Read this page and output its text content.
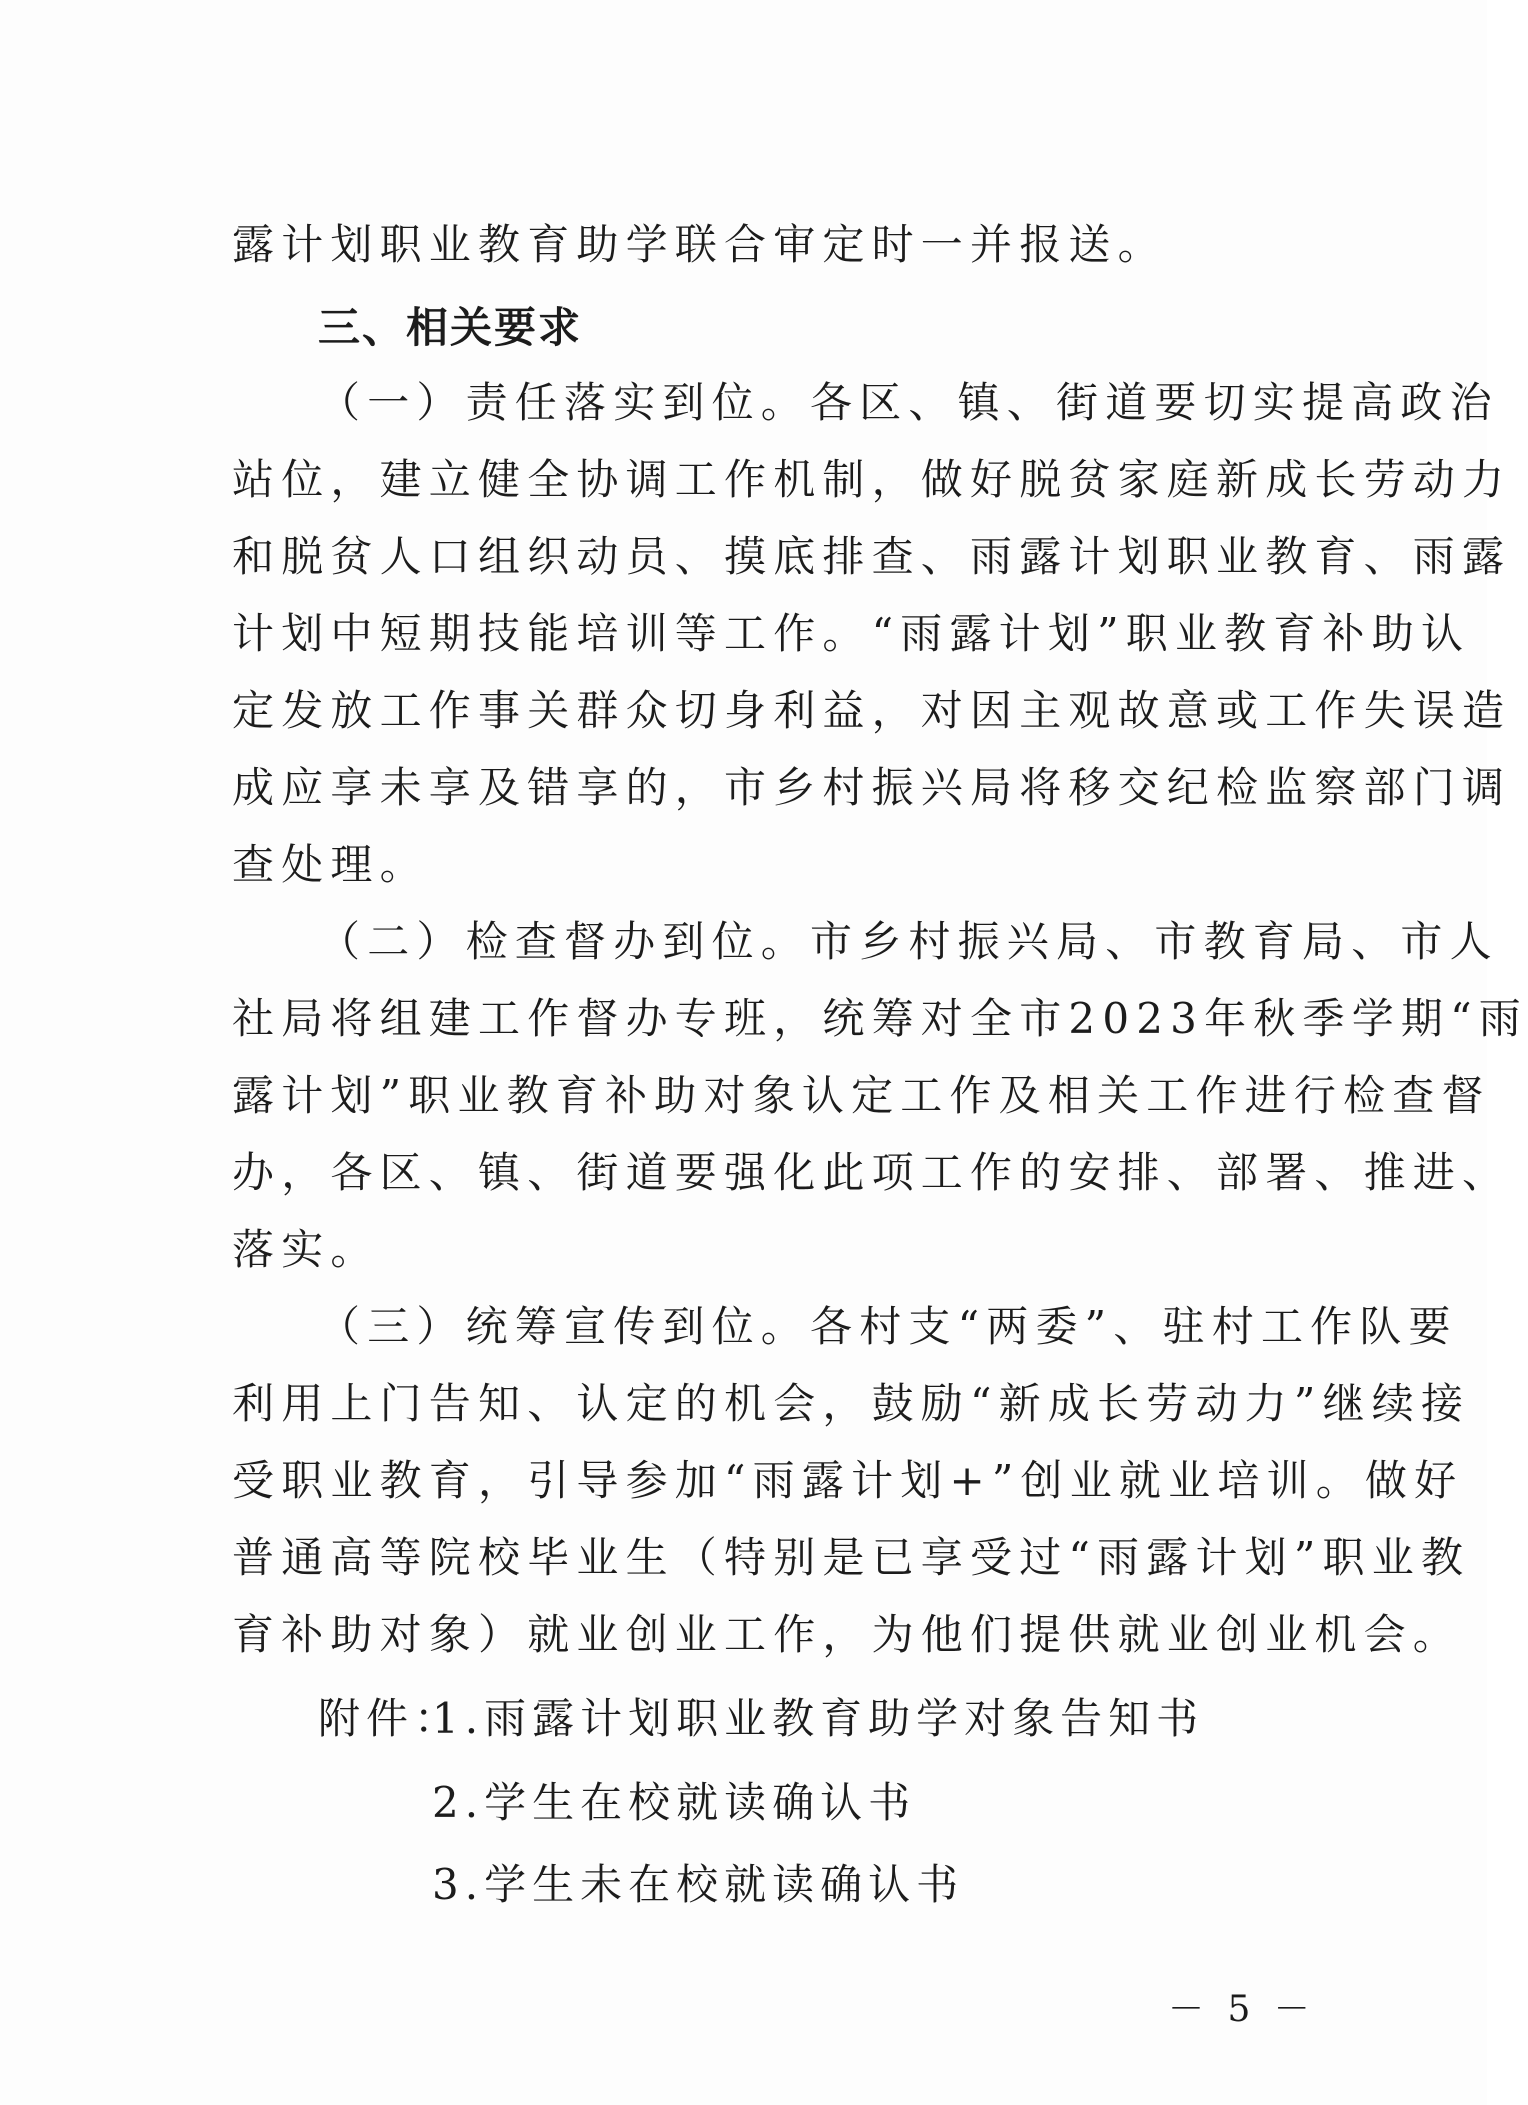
露计划职业教育助学联合审定时一并报送。
三、相关要求
（一）责任落实到位。各区、镇、街道要切实提高政治
站位，建立健全协调工作机制，做好脱贫家庭新成长劳动力
和脱贫人口组织动员、摸底排查、雨露计划职业教育、雨露
计划中短期技能培训等工作。“雨露计划”职业教育补助认
定发放工作事关群众切身利益，对因主观故意或工作失误造
成应享未享及错享的，市乡村振兴局将移交纪检监察部门调
查处理。
（二）检查督办到位。市乡村振兴局、市教育局、市人
社局将组建工作督办专班，统筹对全市2023年秋季学期“雨
露计划”职业教育补助对象认定工作及相关工作进行检查督
办，各区、镇、街道要强化此项工作的安排、部署、推进、
落实。
（三）统筹宣传到位。各村支“两委”、驻村工作队要
利用上门告知、认定的机会，鼓励“新成长劳动力”继续接
受职业教育，引导参加“雨露计划+”创业就业培训。做好
普通高等院校毕业生（特别是已享受过“雨露计划”职业教
育补助对象）就业创业工作，为他们提供就业创业机会。
附件：
1.雨露计划职业教育助学对象告知书
2.学生在校就读确认书
3.学生未在校就读确认书
－ 5 －
